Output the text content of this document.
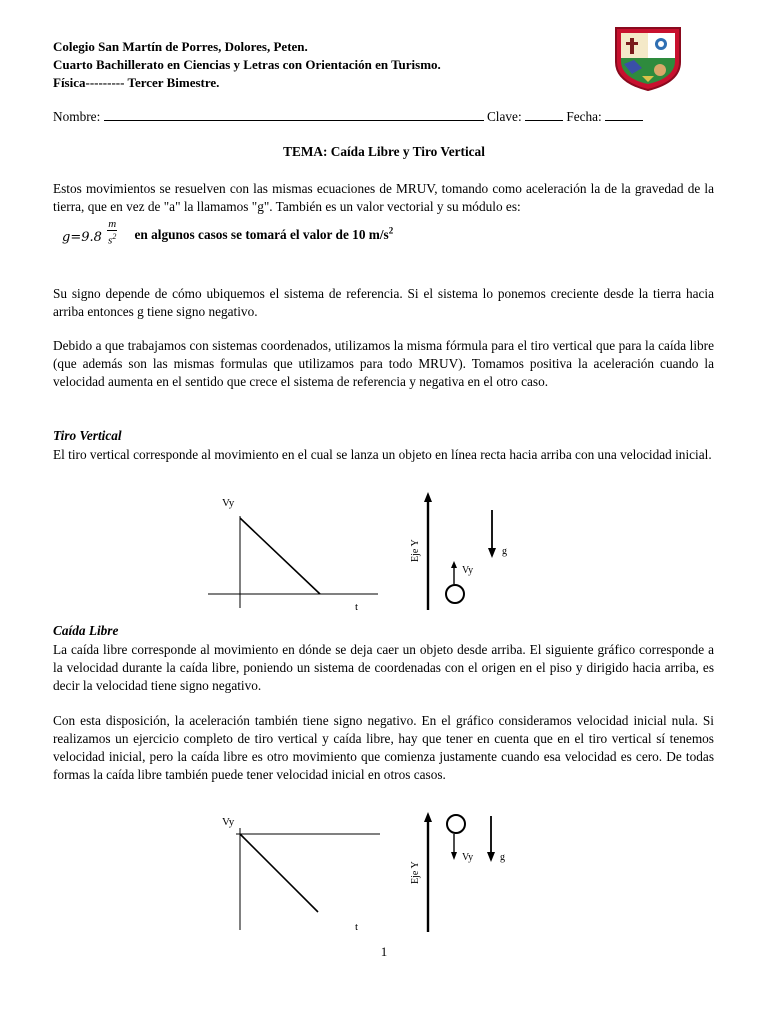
Colegio San Martín de Porres, Dolores, Peten.
Cuarto Bachillerato en Ciencias y Letras con Orientación en Turismo.
Física--------- Tercer Bimestre.
Nombre:	Clave:	Fecha:
TEMA: Caída Libre y Tiro Vertical
Estos movimientos se resuelven con las mismas ecuaciones de MRUV, tomando como aceleración la de la gravedad de la tierra, que en vez de "a" la llamamos "g". También es un valor vectorial y su módulo es:
$g=9.8 \frac{m}{s^2}$ en algunos casos se tomará el valor de 10 $m/s^2$
Su signo depende de cómo ubiquemos el sistema de referencia. Si el sistema lo ponemos creciente desde la tierra hacia arriba entonces g tiene signo negativo.
Debido a que trabajamos con sistemas coordenados, utilizamos la misma fórmula para el tiro vertical que para la caída libre (que además son las mismas formulas que utilizamos para todo MRUV). Tomamos positiva la aceleración cuando la velocidad aumenta en el sentido que crece el sistema de referencia y negativa en el otro caso.
Tiro Vertical
El tiro vertical corresponde al movimiento en el cual se lanza un objeto en línea recta hacia arriba con una velocidad inicial.
Vy
t
Eje Y	g
Vy
Caída Libre
La caída libre corresponde al movimiento en dónde se deja caer un objeto desde arriba. El siguiente gráfico corresponde a la velocidad durante la caída libre, poniendo un sistema de coordenadas con el origen en el piso y dirigido hacia arriba, es decir la velocidad tiene signo negativo.
Con esta disposición, la aceleración también tiene signo negativo. En el gráfico consideramos velocidad inicial nula. Si realizamos un ejercicio completo de tiro vertical y caída libre, hay que tener en cuenta que en el tiro vertical sí tenemos velocidad inicial, pero la caída libre es otro movimiento que comienza justamente cuando esa velocidad es cero. De todas formas la caída libre también puede tener velocidad inicial en otros casos.
Vy
t
Eje Y
Vy	g
1
